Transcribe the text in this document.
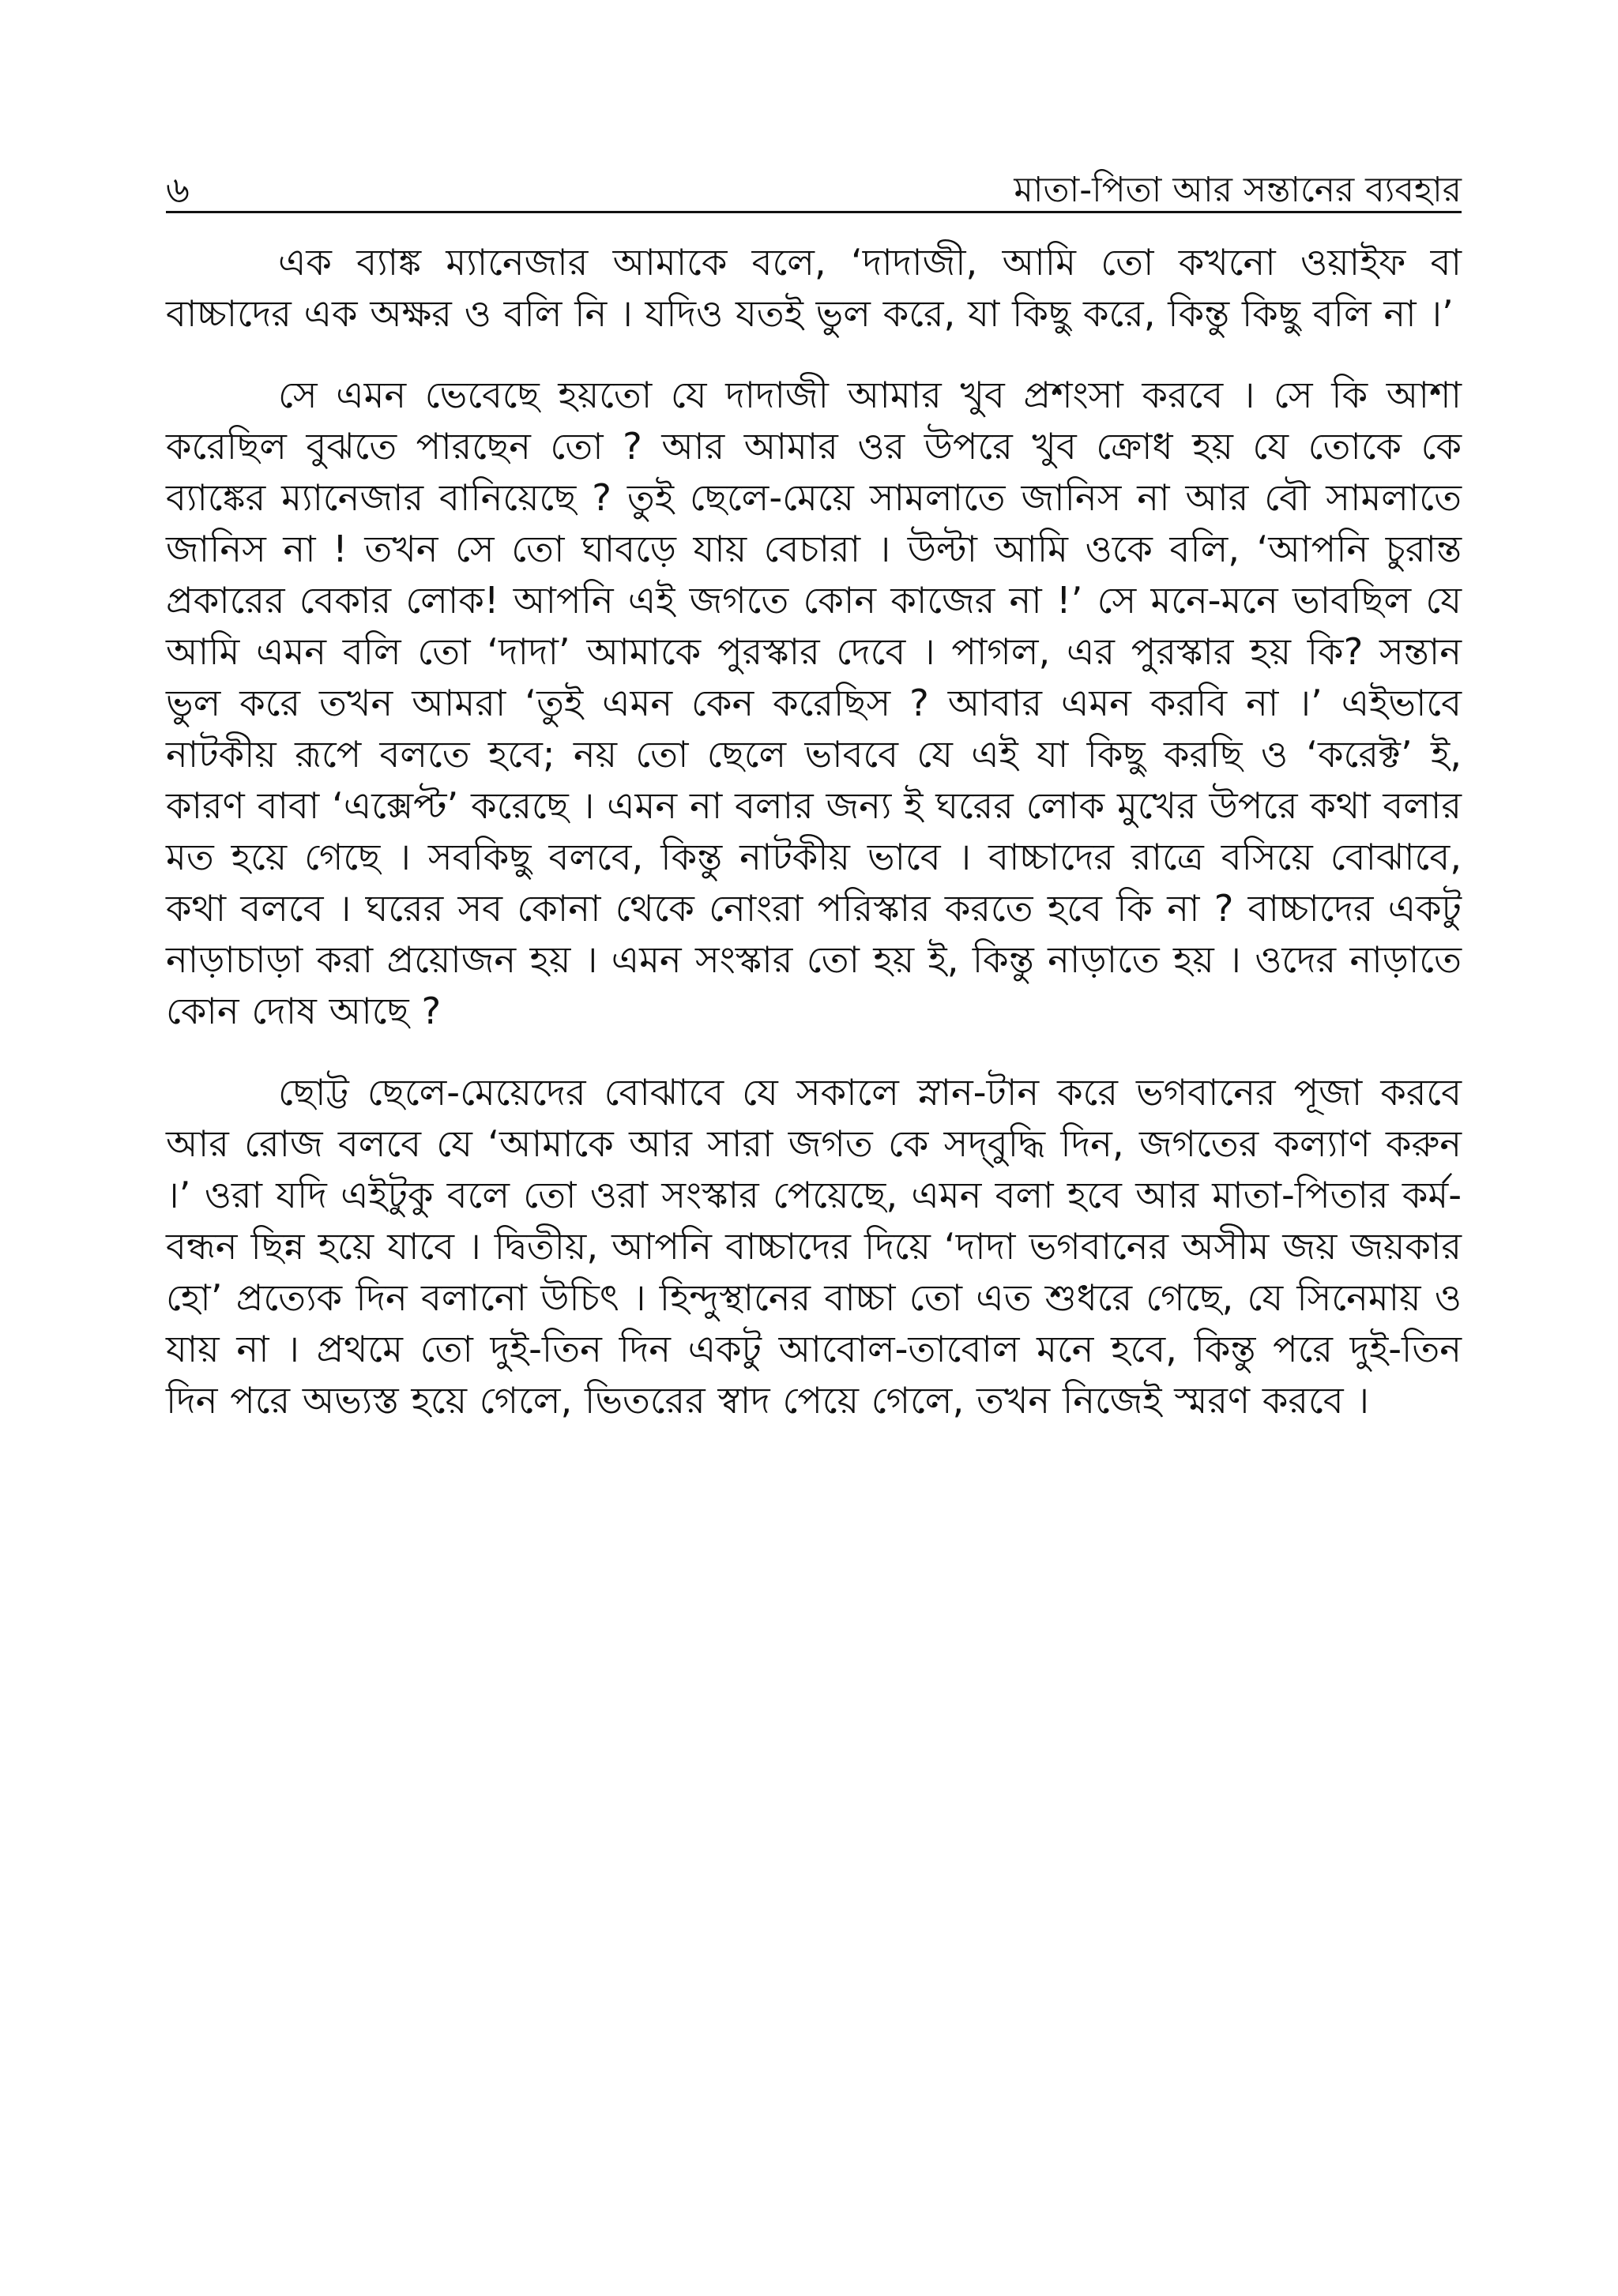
৬	মাতা-পিতা আর সন্তানের ব্যবহার

এক ব্যাঙ্ক ম্যানেজার আমাকে বলে, ‘দাদাজী, আমি তো কখনো ওয়াইফ বা বাচ্চাদের এক অক্ষর ও বলি নি । যদিও যতই ভুল করে, যা কিছু করে, কিন্তু কিছু বলি না ।’

সে এমন ভেবেছে হয়তো যে দাদাজী আমার খুব প্রশংসা করবে । সে কি আশা করেছিল বুঝতে পারছেন তো ? আর আমার ওর উপরে খুব ক্রোধ হয় যে তোকে কে ব্যাঙ্কের ম্যানেজার বানিয়েছে ? তুই ছেলে-মেয়ে সামলাতে জানিস না আর বৌ সামলাতে জানিস না ! তখন সে তো ঘাবড়ে যায় বেচারা । উল্টা আমি ওকে বলি, ‘আপনি চুরান্ত প্রকারের বেকার লোক! আপনি এই জগতে কোন কাজের না !’ সে মনে-মনে ভাবছিল যে আমি এমন বলি তো ‘দাদা’ আমাকে পুরস্কার দেবে । পাগল, এর পুরস্কার হয় কি? সন্তান ভুল করে তখন আমরা ‘তুই এমন কেন করেছিস ? আবার এমন করবি না ।’ এইভাবে নাটকীয় রূপে বলতে হবে; নয় তো ছেলে ভাববে যে এই যা কিছু করছি ও ‘করেক্ট’ ই, কারণ বাবা ‘এক্সেপ্ট’ করেছে । এমন না বলার জন্য ই ঘরের লোক মুখের উপরে কথা বলার মত হয়ে গেছে । সবকিছু বলবে, কিন্তু নাটকীয় ভাবে । বাচ্চাদের রাত্রে বসিয়ে বোঝাবে, কথা বলবে । ঘরের সব কোনা থেকে নোংরা পরিস্কার করতে হবে কি না ? বাচ্চাদের একটু নাড়াচাড়া করা প্রয়োজন হয় । এমন সংস্কার তো হয় ই, কিন্তু নাড়াতে হয় । ওদের নাড়াতে কোন দোষ আছে ?

ছোট্ট ছেলে-মেয়েদের বোঝাবে যে সকালে স্নান-টান করে ভগবানের পূজা করবে আর রোজ বলবে যে ‘আমাকে আর সারা জগত কে সদ্‌বুদ্ধি দিন, জগতের কল্যাণ করুন ।’ ওরা যদি এইটুকু বলে তো ওরা সংস্কার পেয়েছে, এমন বলা হবে আর মাতা-পিতার কর্ম-বন্ধন ছিন্ন হয়ে যাবে । দ্বিতীয়, আপনি বাচ্চাদের দিয়ে ‘দাদা ভগবানের অসীম জয় জয়কার হো’ প্রত্যেক দিন বলানো উচিৎ । হিন্দুস্থানের বাচ্চা তো এত শুধরে গেছে, যে সিনেমায় ও যায় না । প্রথমে তো দুই-তিন দিন একটু আবোল-তাবোল মনে হবে, কিন্তু পরে দুই-তিন দিন পরে অভ্যস্ত হয়ে গেলে, ভিতরের স্বাদ পেয়ে গেলে, তখন নিজেই স্মরণ করবে ।
